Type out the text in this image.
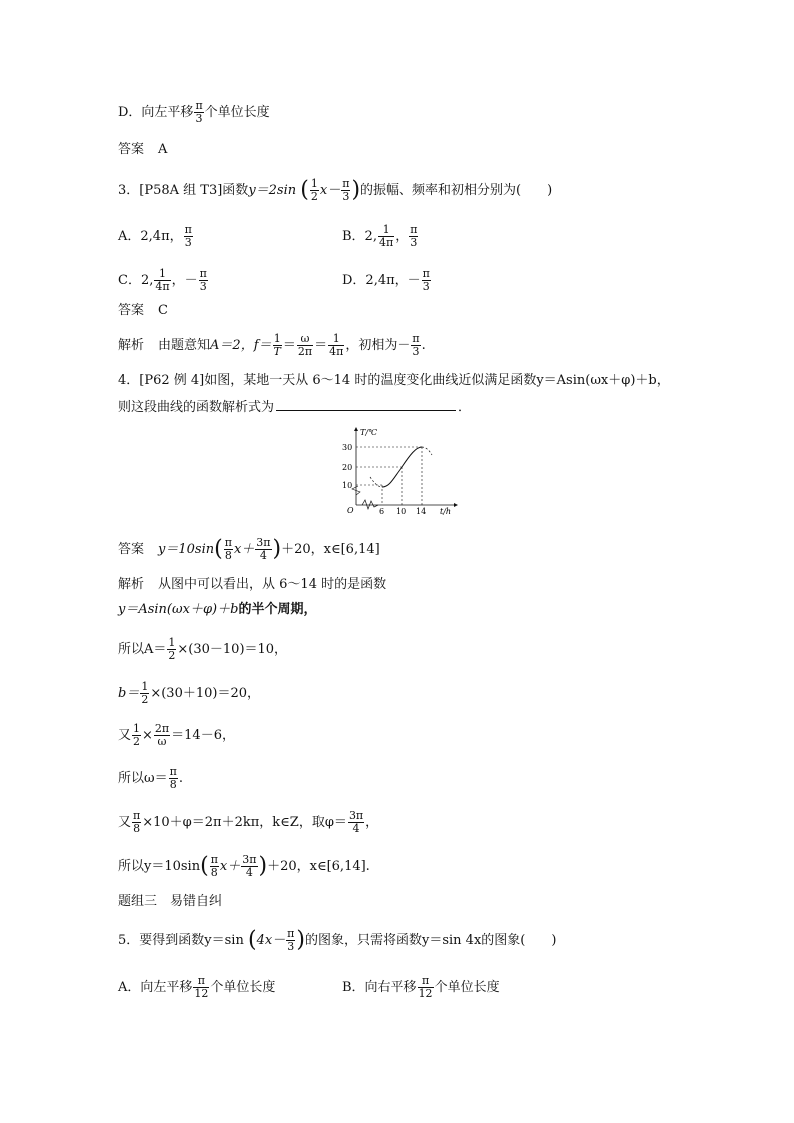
D．向左平移 $\frac{\pi}{3}$ 个单位长度
答案 A
3．[P58A 组 T3]函数y＝2sin ( $\frac{1}{2} x- \frac{\pi}{3}$ )的振幅、频率和初相分别为(　　)
A．2,4π， $\frac{\pi}{3}$	B．2, $\frac{1}{4\pi}$ ， $\frac{\pi}{3}$
C．2, $\frac{1}{4\pi}$ ，－ $\frac{\pi}{3}$	D．2,4π，－ $\frac{\pi}{3}$
答案 C
解析 由题意知A＝2，$f= \frac{1}{T} = \frac{\omega}{2\pi} = \frac{1}{4\pi}$ ，初相为－ $\frac{\pi}{3}$ .
4．[P62 例 4]如图，某地一天从 6～14 时的温度变化曲线近似满足函数y＝Asin(ωx＋φ)＋b，
则这段曲线的函数解析式为	．
T/℃
t/h
O
30
20
10
6 10 14
答案 $y=10\sin( \frac{\pi}{8} x+ \frac{3\pi}{4} )+20$，x∈[6,14]
解析 从图中可以看出，从 6～14 时的是函数
y＝Asin(ωx＋φ)＋b的半个周期，
所以$A= \frac{1}{2} \times(30-10)=10$，
$b= \frac{1}{2} \times(30+10)=20$，
又 $\frac{1}{2} \times \frac{2\pi}{\omega} =14-6$，
所以$\omega= \frac{\pi}{8}$ .
又 $\frac{\pi}{8} \times 10+\varphi=2\pi+2k\pi$，k∈Z，取$\varphi= \frac{3\pi}{4}$ ，
所以$y=10\sin( \frac{\pi}{8} x+ \frac{3\pi}{4} )+20$，x∈[6,14].
题组三　易错自纠
5．要得到函数y＝sin ($4x- \frac{\pi}{3}$ )的图象，只需将函数y＝sin 4x的图象(　　)
A．向左平移 $\frac{\pi}{12}$ 个单位长度	B．向右平移 $\frac{\pi}{12}$ 个单位长度
